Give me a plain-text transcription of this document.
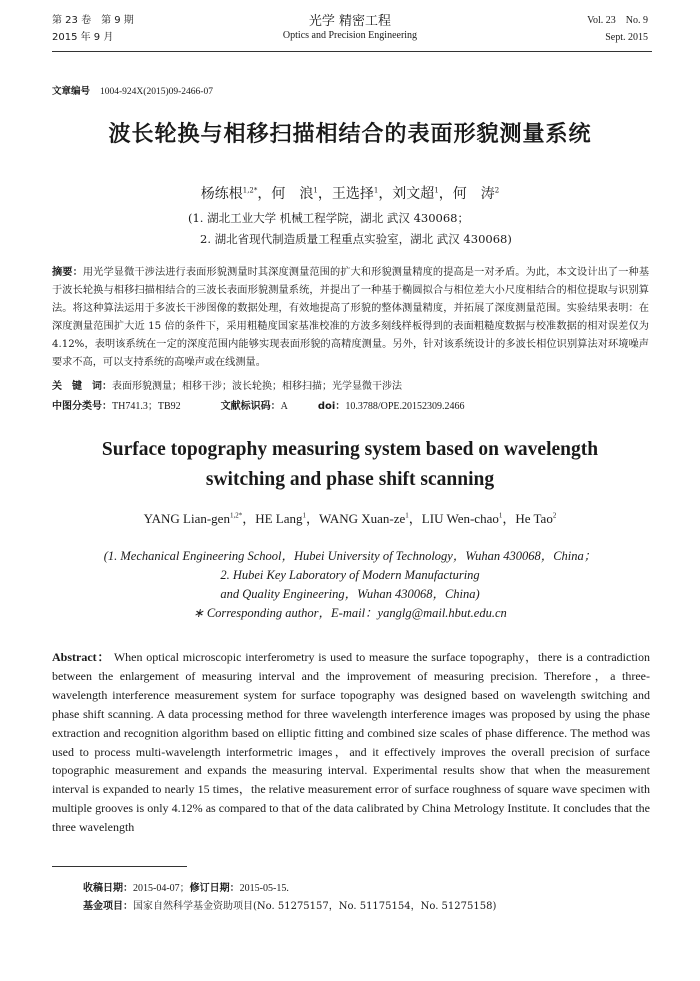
第 23 卷　第 9 期
2015 年 9 月
光学 精密工程
Optics and Precision Engineering
Vol. 23　No. 9
Sept. 2015
文章编号 1004-924X(2015)09-2466-07
波长轮换与相移扫描相结合的表面形貌测量系统
杨练根$^{1,2*}$，何　浪$^1$，王选择$^1$，刘文超$^1$，何　涛$^2$
(1. 湖北工业大学 机械工程学院，湖北 武汉 430068；
2. 湖北省现代制造质量工程重点实验室，湖北 武汉 430068)
摘要：用光学显微干涉法进行表面形貌测量时其深度测量范围的扩大和形貌测量精度的提高是一对矛盾。为此，本文设计出了一种基于波长轮换与相移扫描相结合的三波长表面形貌测量系统，并提出了一种基于椭圆拟合与相位差大小尺度相结合的相位提取与识别算法。将这种算法运用于多波长干涉图像的数据处理，有效地提高了形貌的整体测量精度，并拓展了深度测量范围。实验结果表明：在深度测量范围扩大近 15 倍的条件下，采用粗糙度国家基准校准的方波多刻线样板得到的表面粗糙度数据与校准数据的相对误差仅为 4.12%，表明该系统在一定的深度范围内能够实现表面形貌的高精度测量。另外，针对该系统设计的多波长相位识别算法对环境噪声要求不高，可以支持系统的高噪声或在线测量。
关　键　词：表面形貌测量；相移干涉；波长轮换；相移扫描；光学显微干涉法
中图分类号：TH741.3；TB92	文献标识码：A	doi：10.3788/OPE.20152309.2466
Surface topography measuring system based on wavelength
switching and phase shift scanning
YANG Lian-gen$^{1,2*}$，HE Lang$^1$，WANG Xuan-$ze^1$，LIU Wen-chao$^1$，He Tao$^2$
(1. Mechanical Engineering School，Hubei University of Technology，Wuhan 430068，China；
2. Hubei Key Laboratory of Modern Manufacturing
and Quality Engineering，Wuhan 430068，China)
∗ Corresponding author，E-mail：yanglg@mail.hbut.edu.cn
Abstract： When optical microscopic interferometry is used to measure the surface topography，there is a contradiction between the enlargement of measuring interval and the improvement of measuring precision. Therefore，a three-wavelength interference measurement system for surface topography was designed based on wavelength switching and phase shift scanning. A data processing method for three wavelength interference images was proposed by using the phase extraction and recognition algorithm based on elliptic fitting and combined size scales of phase difference. The method was used to process multi-wavelength interformetric images，and it effectively improves the overall precision of surface topographic measurement and expands the measuring interval. Experimental results show that when the measurement interval is expanded to nearly 15 times，the relative measurement error of surface roughness of square wave specimen with multiple grooves is only 4.12% as compared to that of the data calibrated by China Metrology Institute. It concludes that the three wavelength
收稿日期：2015-04-07；修订日期：2015-05-15.
基金项目：国家自然科学基金资助项目(No. 51275157，No. 51175154，No. 51275158)
